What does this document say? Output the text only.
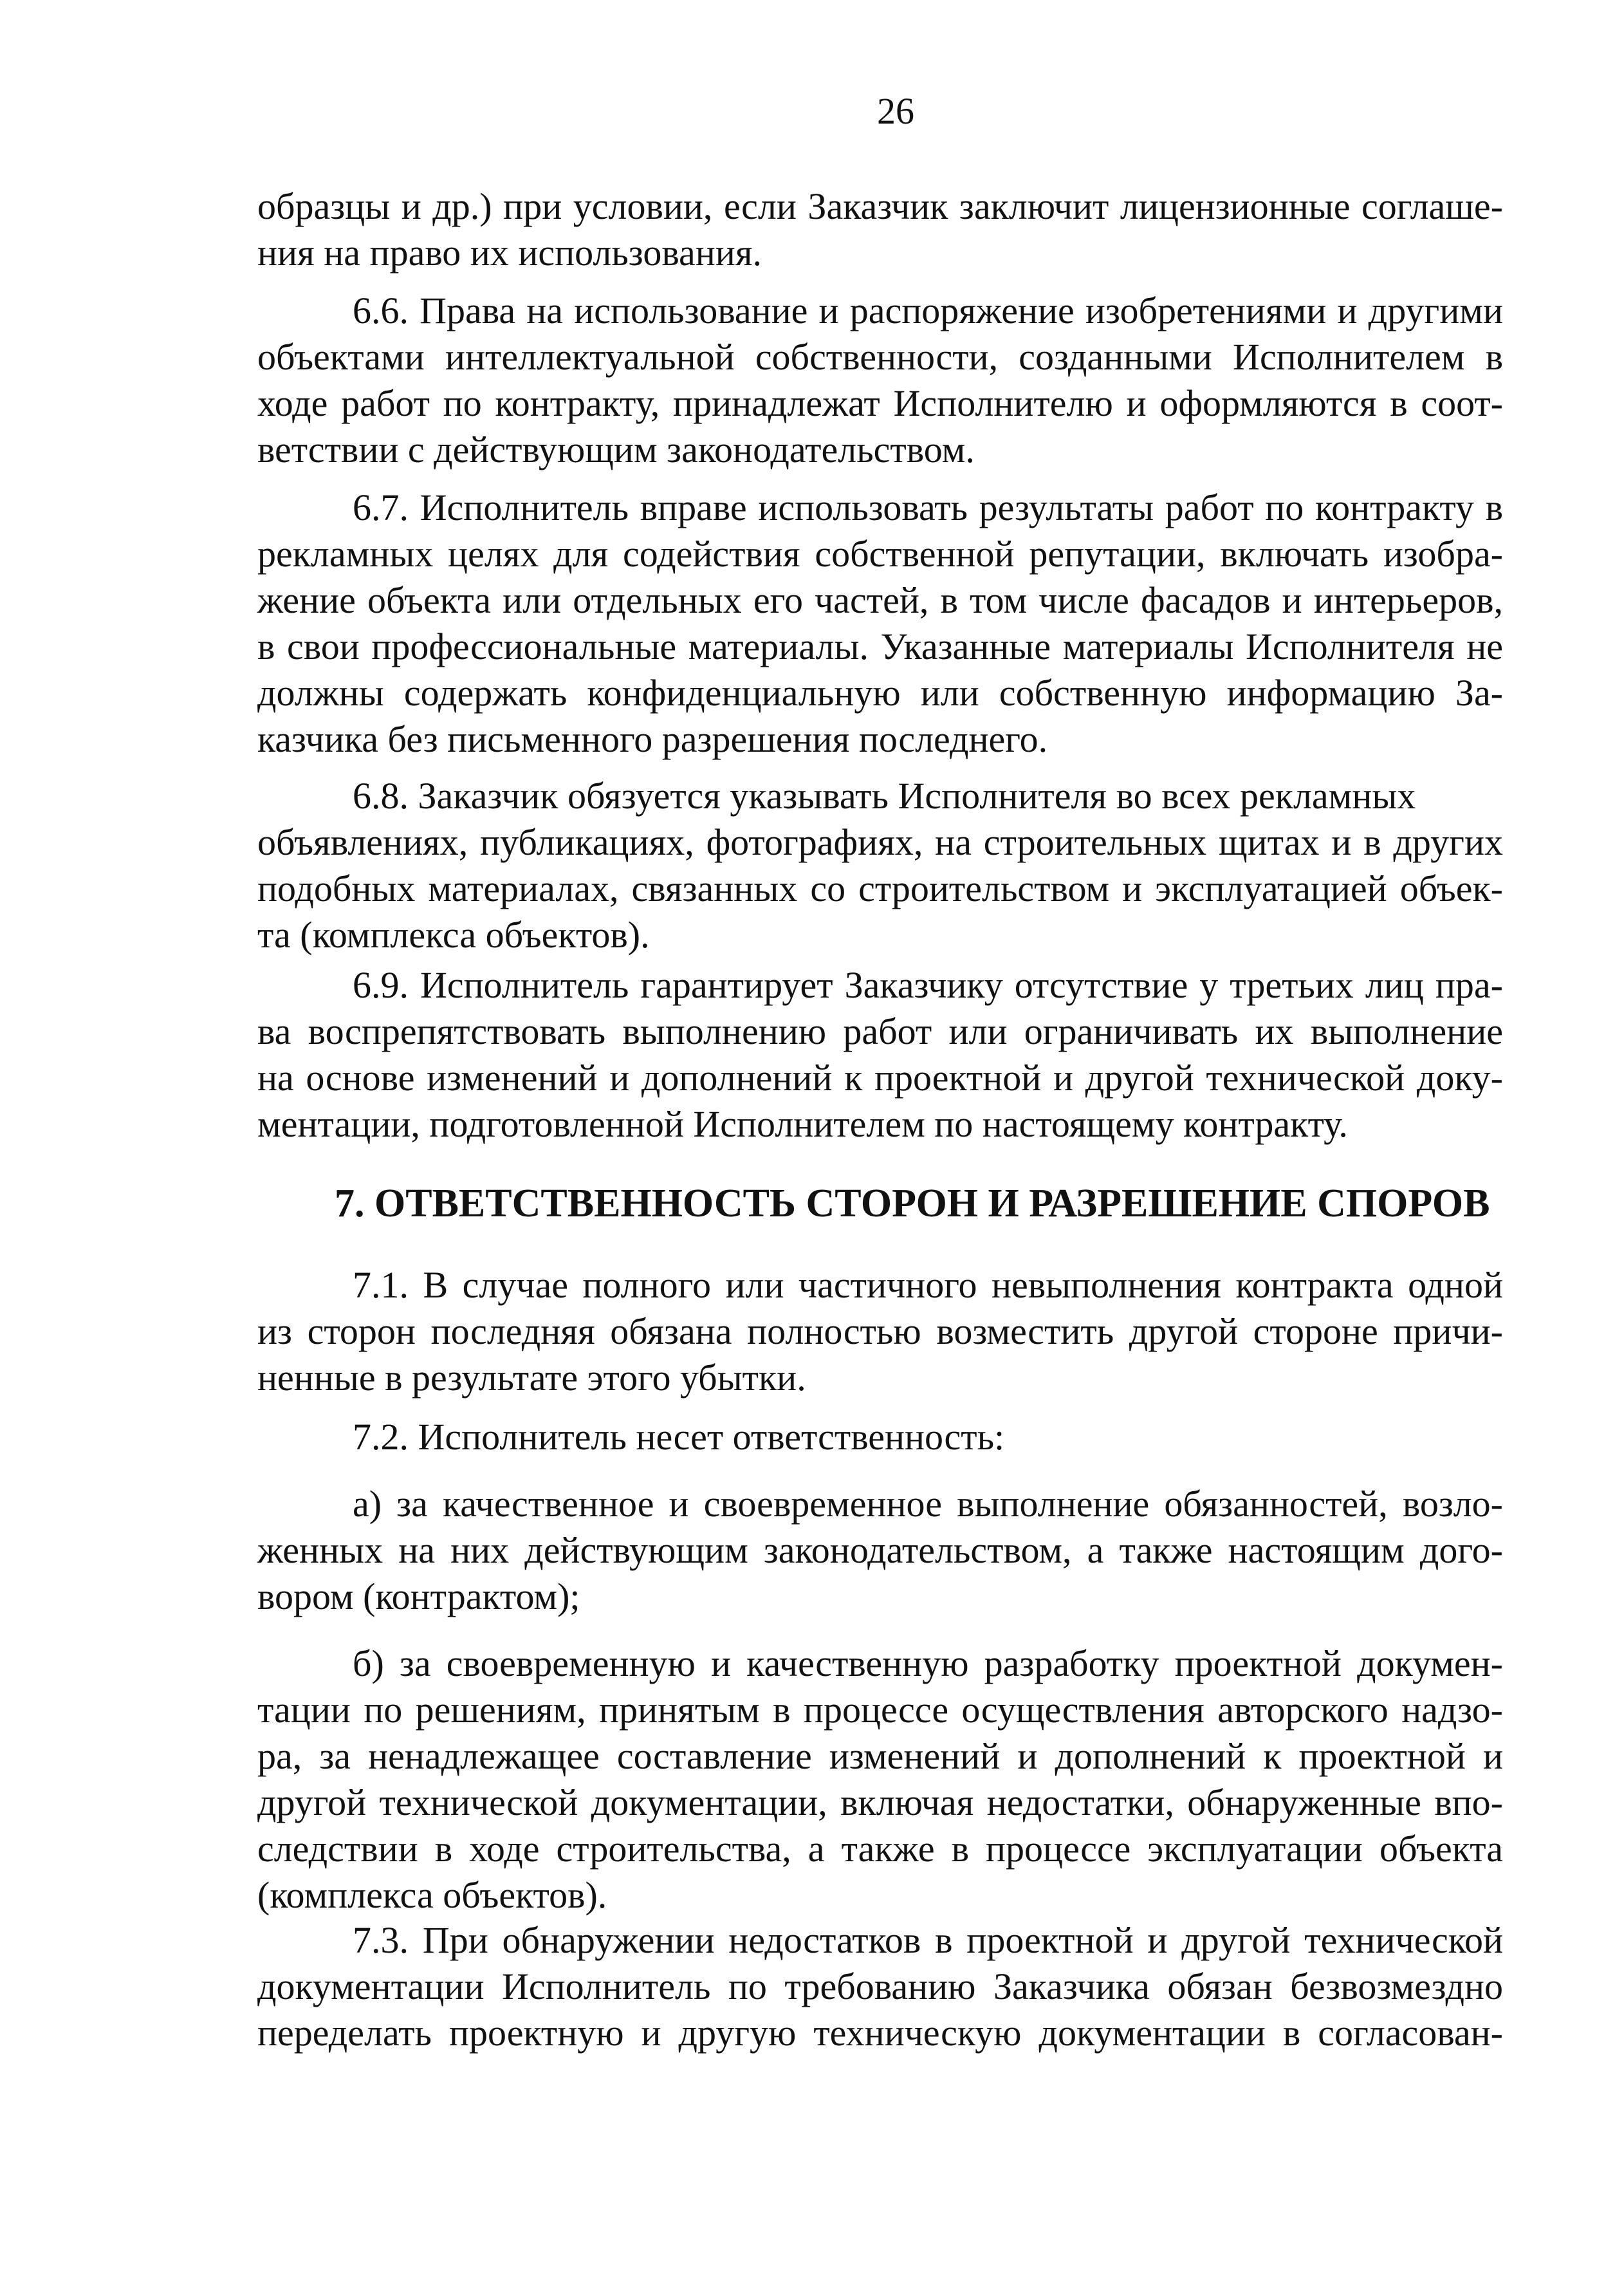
26
образцы и др.) при условии, если Заказчик заключит лицензионные соглаше-
ния на право их использования.
6.6. Права на использование и распоряжение изобретениями и другими
объектами интеллектуальной собственности, созданными Исполнителем в
ходе работ по контракту, принадлежат Исполнителю и оформляются в соот-
ветствии с действующим законодательством.
6.7. Исполнитель вправе использовать результаты работ по контракту в
рекламных целях для содействия собственной репутации, включать изобра-
жение объекта или отдельных его частей, в том числе фасадов и интерьеров,
в свои профессиональные материалы. Указанные материалы Исполнителя не
должны содержать конфиденциальную или собственную информацию За-
казчика без письменного разрешения последнего.
6.8. Заказчик обязуется указывать Исполнителя во всех рекламных
объявлениях, публикациях, фотографиях, на строительных щитах и в других
подобных материалах, связанных со строительством и эксплуатацией объек-
та (комплекса объектов).
6.9. Исполнитель гарантирует Заказчику отсутствие у третьих лиц пра-
ва воспрепятствовать выполнению работ или ограничивать их выполнение
на основе изменений и дополнений к проектной и другой технической доку-
ментации, подготовленной Исполнителем по настоящему контракту.
7. ОТВЕТСТВЕННОСТЬ СТОРОН И РАЗРЕШЕНИЕ СПОРОВ
7.1. В случае полного или частичного невыполнения контракта одной
из сторон последняя обязана полностью возместить другой стороне причи-
ненные в результате этого убытки.
7.2. Исполнитель несет ответственность:
а) за качественное и своевременное выполнение обязанностей, возло-
женных на них действующим законодательством, а также настоящим дого-
вором (контрактом);
б) за своевременную и качественную разработку проектной докумен-
тации по решениям, принятым в процессе осуществления авторского надзо-
ра, за ненадлежащее составление изменений и дополнений к проектной и
другой технической документации, включая недостатки, обнаруженные впо-
следствии в ходе строительства, а также в процессе эксплуатации объекта
(комплекса объектов).
7.3. При обнаружении недостатков в проектной и другой технической
документации Исполнитель по требованию Заказчика обязан безвозмездно
переделать проектную и другую техническую документации в согласован-
